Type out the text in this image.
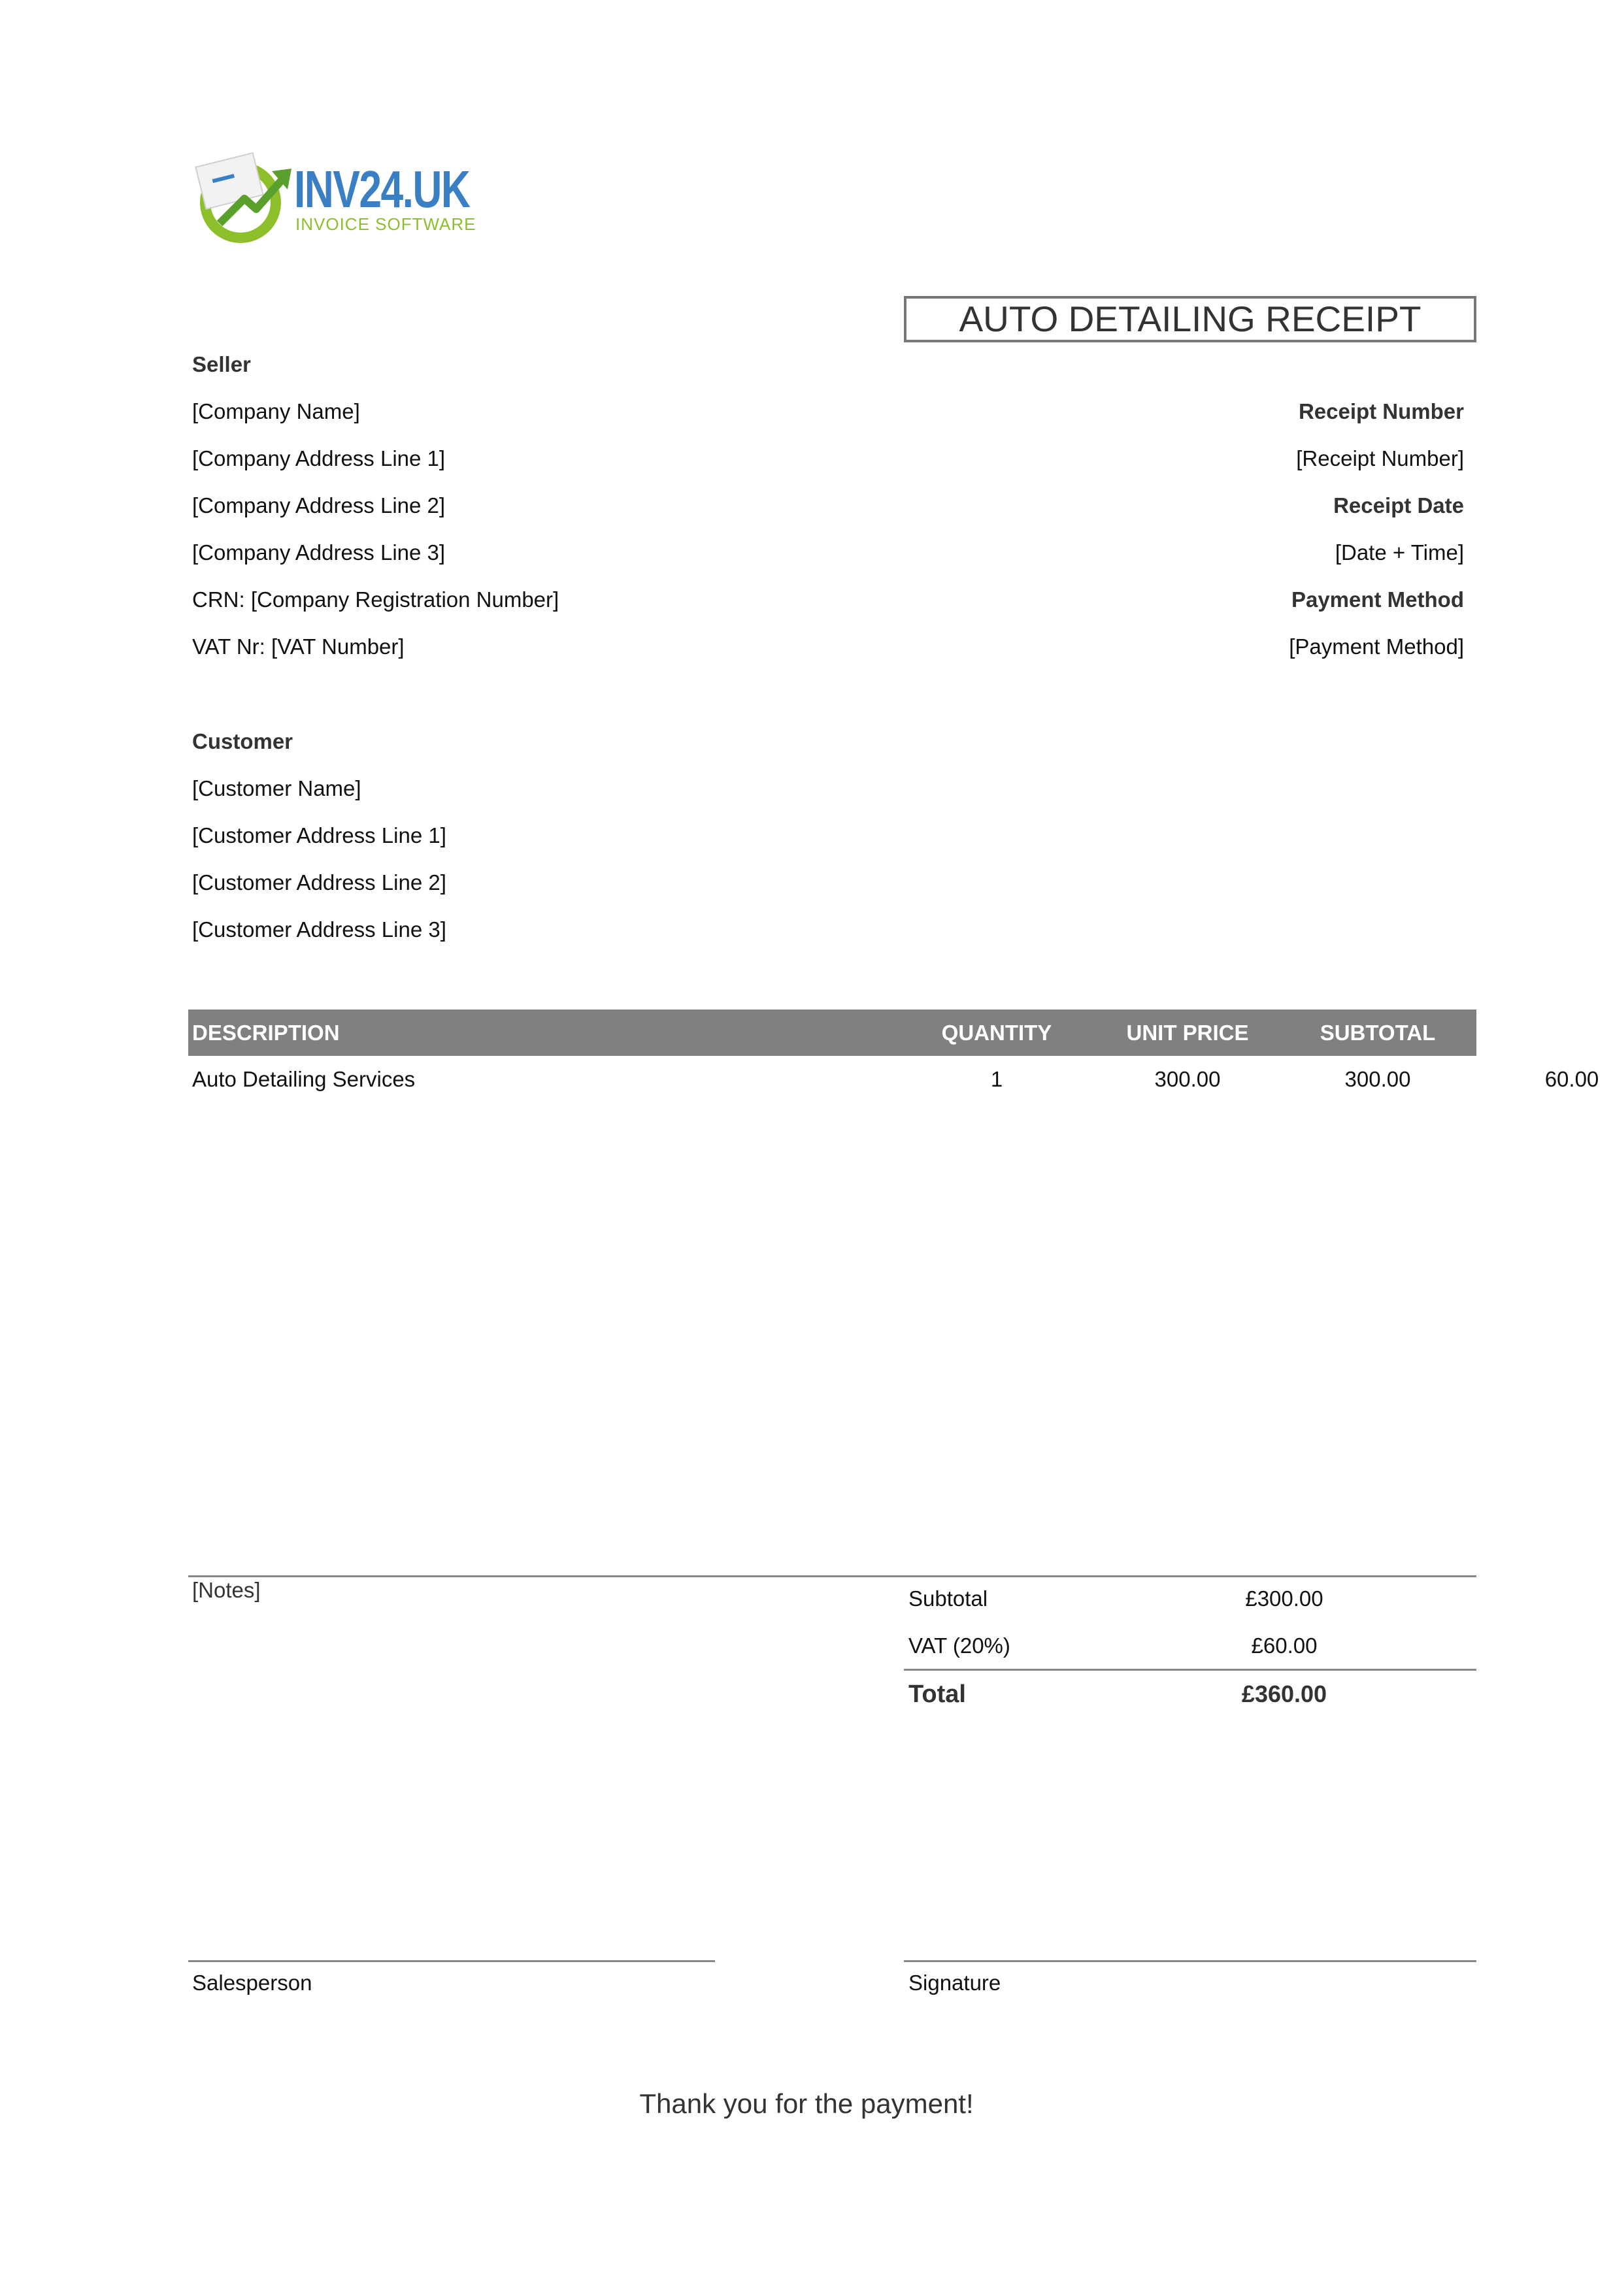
INV24.UK
INVOICE SOFTWARE
AUTO DETAILING RECEIPT
Seller
[Company Name]
[Company Address Line 1]
[Company Address Line 2]
[Company Address Line 3]
CRN: [Company Registration Number]
VAT Nr: [VAT Number]
Receipt Number
[Receipt Number]
Receipt Date
[Date + Time]
Payment Method
[Payment Method]
Customer
[Customer Name]
[Customer Address Line 1]
[Customer Address Line 2]
[Customer Address Line 3]
DESCRIPTION	QUANTITY	UNIT PRICE	SUBTOTAL	VAT
Auto Detailing Services	1	300.00	300.00	60.00
[Notes]	Subtotal	£300.00
VAT (20%)	£60.00
Total	£360.00
Salesperson	Signature
Thank you for the payment!
